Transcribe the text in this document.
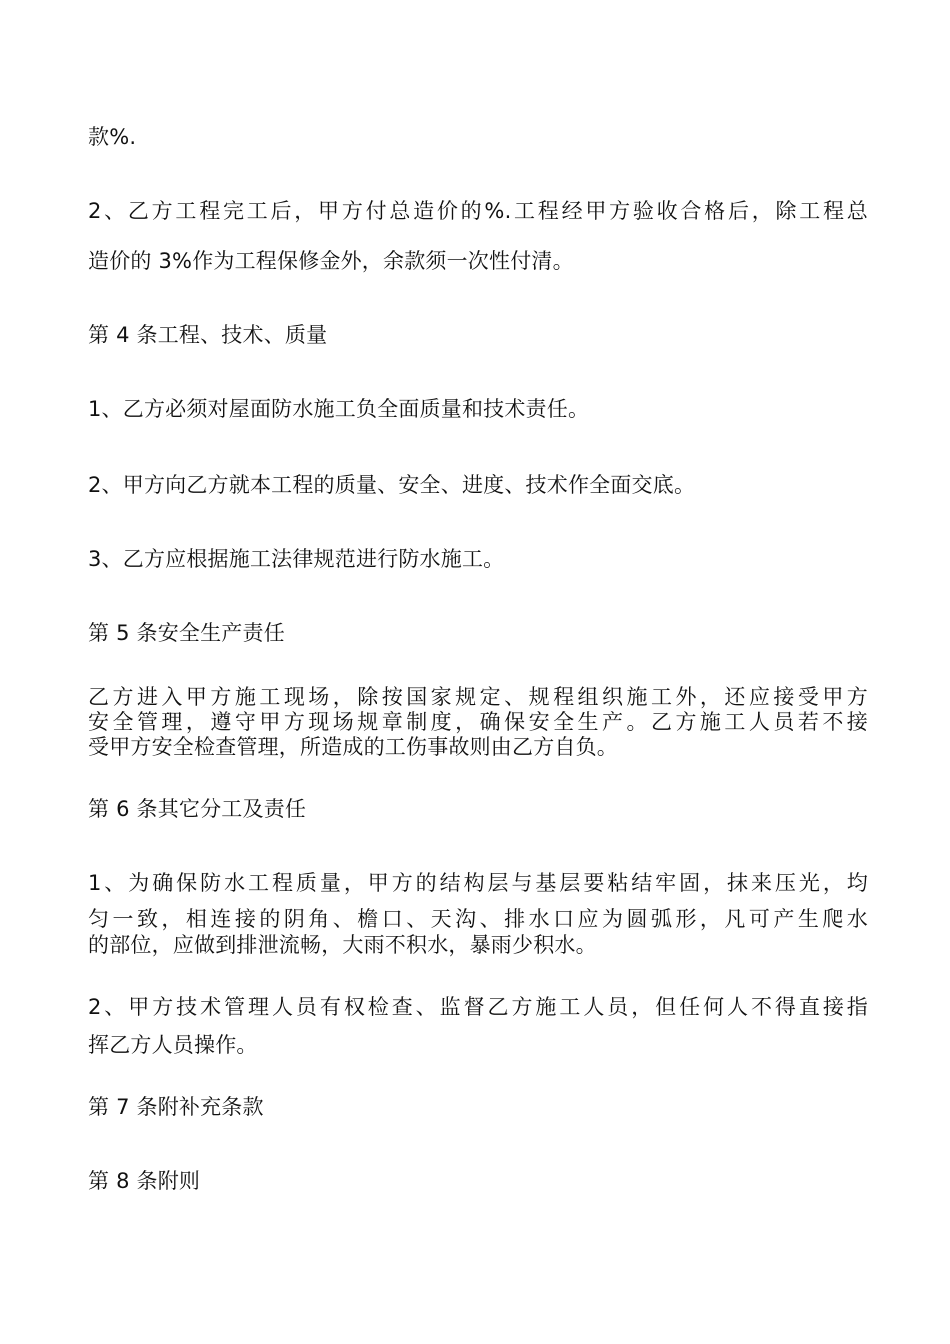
款%.
2、乙方工程完工后，甲方付总造价的%.工程经甲方验收合格后，除工程总
造价的 3%作为工程保修金外，余款须一次性付清。
第 4 条工程、技术、质量
1、乙方必须对屋面防水施工负全面质量和技术责任。
2、甲方向乙方就本工程的质量、安全、进度、技术作全面交底。
3、乙方应根据施工法律规范进行防水施工。
第 5 条安全生产责任
乙方进入甲方施工现场，除按国家规定、规程组织施工外，还应接受甲方
安全管理，遵守甲方现场规章制度，确保安全生产。乙方施工人员若不接
受甲方安全检查管理，所造成的工伤事故则由乙方自负。
第 6 条其它分工及责任
1、为确保防水工程质量，甲方的结构层与基层要粘结牢固，抹来压光，均
匀一致，相连接的阴角、檐口、天沟、排水口应为圆弧形，凡可产生爬水
的部位，应做到排泄流畅，大雨不积水，暴雨少积水。
2、甲方技术管理人员有权检查、监督乙方施工人员，但任何人不得直接指
挥乙方人员操作。
第 7 条附补充条款
第 8 条附则
